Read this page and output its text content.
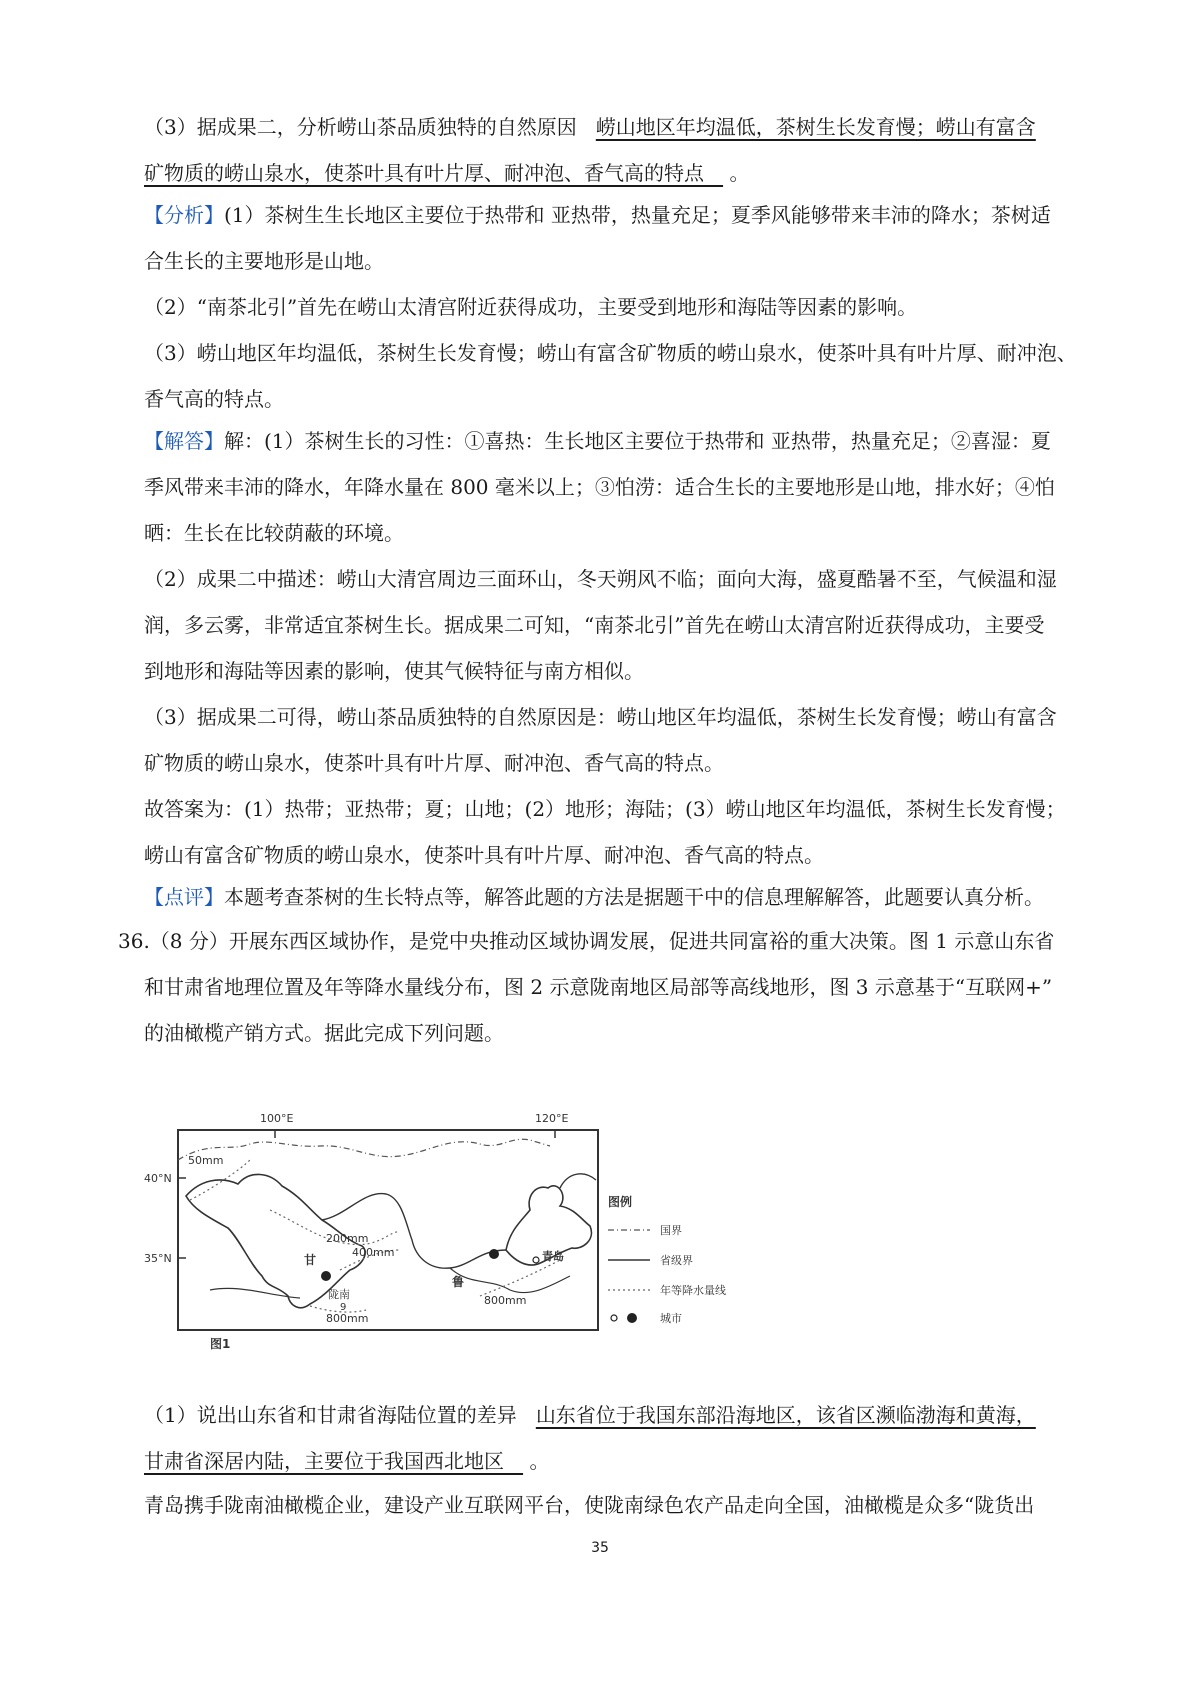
（3）据成果二，分析崂山茶品质独特的自然原因 崂山地区年均温低，茶树生长发育慢；崂山有富含
矿物质的崂山泉水，使茶叶具有叶片厚、耐冲泡、香气高的特点 。

【分析】(1）茶树生生长地区主要位于热带和 亚热带，热量充足；夏季风能够带来丰沛的降水；茶树适
合生长的主要地形是山地。
（2）“南茶北引”首先在崂山太清宫附近获得成功，主要受到地形和海陆等因素的影响。
（3）崂山地区年均温低，茶树生长发育慢；崂山有富含矿物质的崂山泉水，使茶叶具有叶片厚、耐冲泡、
香气高的特点。

【解答】解：(1）茶树生长的习性：①喜热：生长地区主要位于热带和 亚热带，热量充足；②喜湿：夏
季风带来丰沛的降水，年降水量在 800 毫米以上；③怕涝：适合生长的主要地形是山地，排水好；④怕
晒：生长在比较荫蔽的环境。
（2）成果二中描述：崂山大清宫周边三面环山，冬天朔风不临；面向大海，盛夏酷暑不至，气候温和湿
润，多云雾，非常适宜茶树生长。据成果二可知，“南茶北引”首先在崂山太清宫附近获得成功，主要受
到地形和海陆等因素的影响，使其气候特征与南方相似。
（3）据成果二可得，崂山茶品质独特的自然原因是：崂山地区年均温低，茶树生长发育慢；崂山有富含
矿物质的崂山泉水，使茶叶具有叶片厚、耐冲泡、香气高的特点。
故答案为：(1）热带；亚热带；夏；山地；(2）地形；海陆；(3）崂山地区年均温低，茶树生长发育慢；
崂山有富含矿物质的崂山泉水，使茶叶具有叶片厚、耐冲泡、香气高的特点。

【点评】本题考查茶树的生长特点等，解答此题的方法是据题干中的信息理解解答，此题要认真分析。

36.（8 分）开展东西区域协作，是党中央推动区域协调发展，促进共同富裕的重大决策。图 1 示意山东省
和甘肃省地理位置及年等降水量线分布，图 2 示意陇南地区局部等高线地形，图 3 示意基于“互联网+”
的油橄榄产销方式。据此完成下列问题。

100°E	120°E
40°N
35°N
50mm
200mm
400mm
800mm
800mm
甘
陇南
9
鲁
青岛
图1
图例
国界
省级界
年等降水量线
城市

（1）说出山东省和甘肃省海陆位置的差异 山东省位于我国东部沿海地区，该省区濒临渤海和黄海，
甘肃省深居内陆，主要位于我国西北地区 。

青岛携手陇南油橄榄企业，建设产业互联网平台，使陇南绿色农产品走向全国，油橄榄是众多“陇货出

35
